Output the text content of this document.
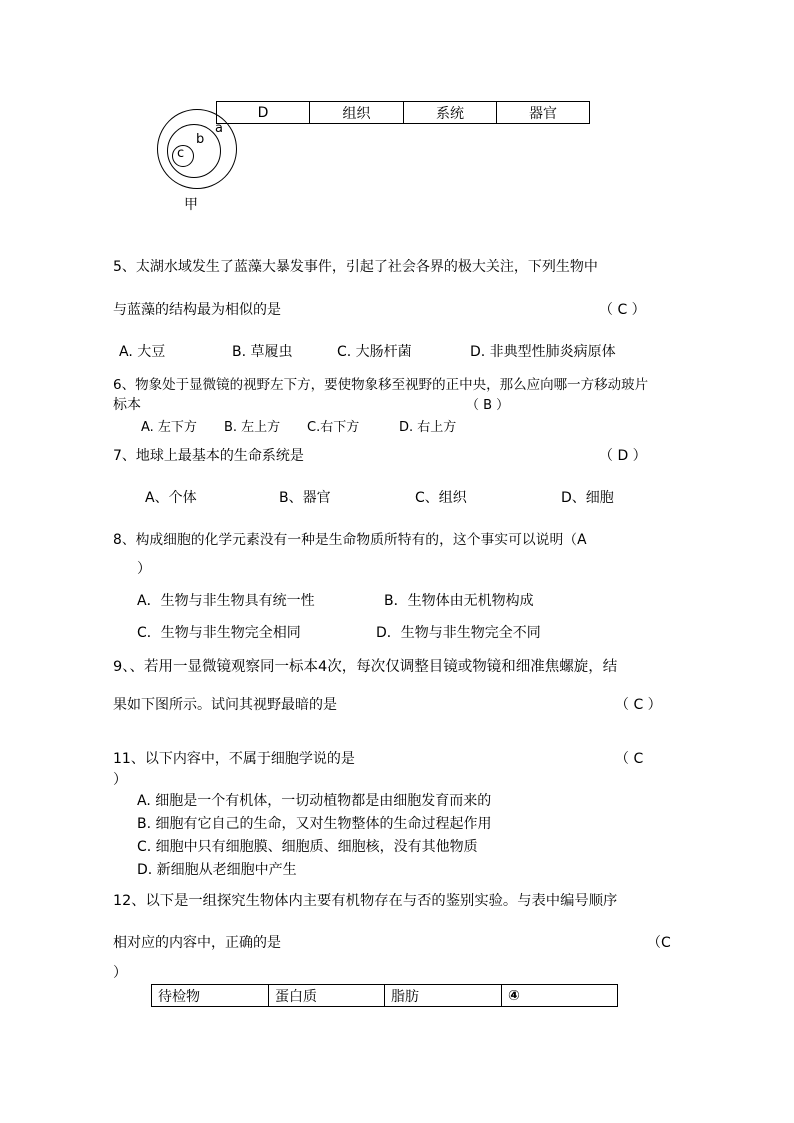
D	组织	系统	器官
a
b
c
甲
5、太湖水域发生了蓝藻大暴发事件，引起了社会各界的极大关注，下列生物中
与蓝藻的结构最为相似的是	（ C ）
A. 大豆	B. 草履虫	C. 大肠杆菌	D. 非典型性肺炎病原体
6、物象处于显微镜的视野左下方，要使物象移至视野的正中央，那么应向哪一方移动玻片
标本	（ B ）
A. 左下方 B. 左上方 C.右下方	D. 右上方
7、地球上最基本的生命系统是	（ D ）
A、个体	B、器官	C、组织	D、细胞
8、构成细胞的化学元素没有一种是生命物质所特有的，这个事实可以说明（A
）
A．生物与非生物具有统一性	B．生物体由无机物构成
C．生物与非生物完全相同	D．生物与非生物完全不同
9、、若用一显微镜观察同一标本4次，每次仅调整目镜或物镜和细准焦螺旋，结
果如下图所示。试问其视野最暗的是	（ C ）
11、以下内容中，不属于细胞学说的是	（ C
）
A. 细胞是一个有机体，一切动植物都是由细胞发育而来的
B. 细胞有它自己的生命，又对生物整体的生命过程起作用
C. 细胞中只有细胞膜、细胞质、细胞核，没有其他物质
D. 新细胞从老细胞中产生
12、以下是一组探究生物体内主要有机物存在与否的鉴别实验。与表中编号顺序
相对应的内容中，正确的是	（C
）
待检物	蛋白质	脂肪	④
